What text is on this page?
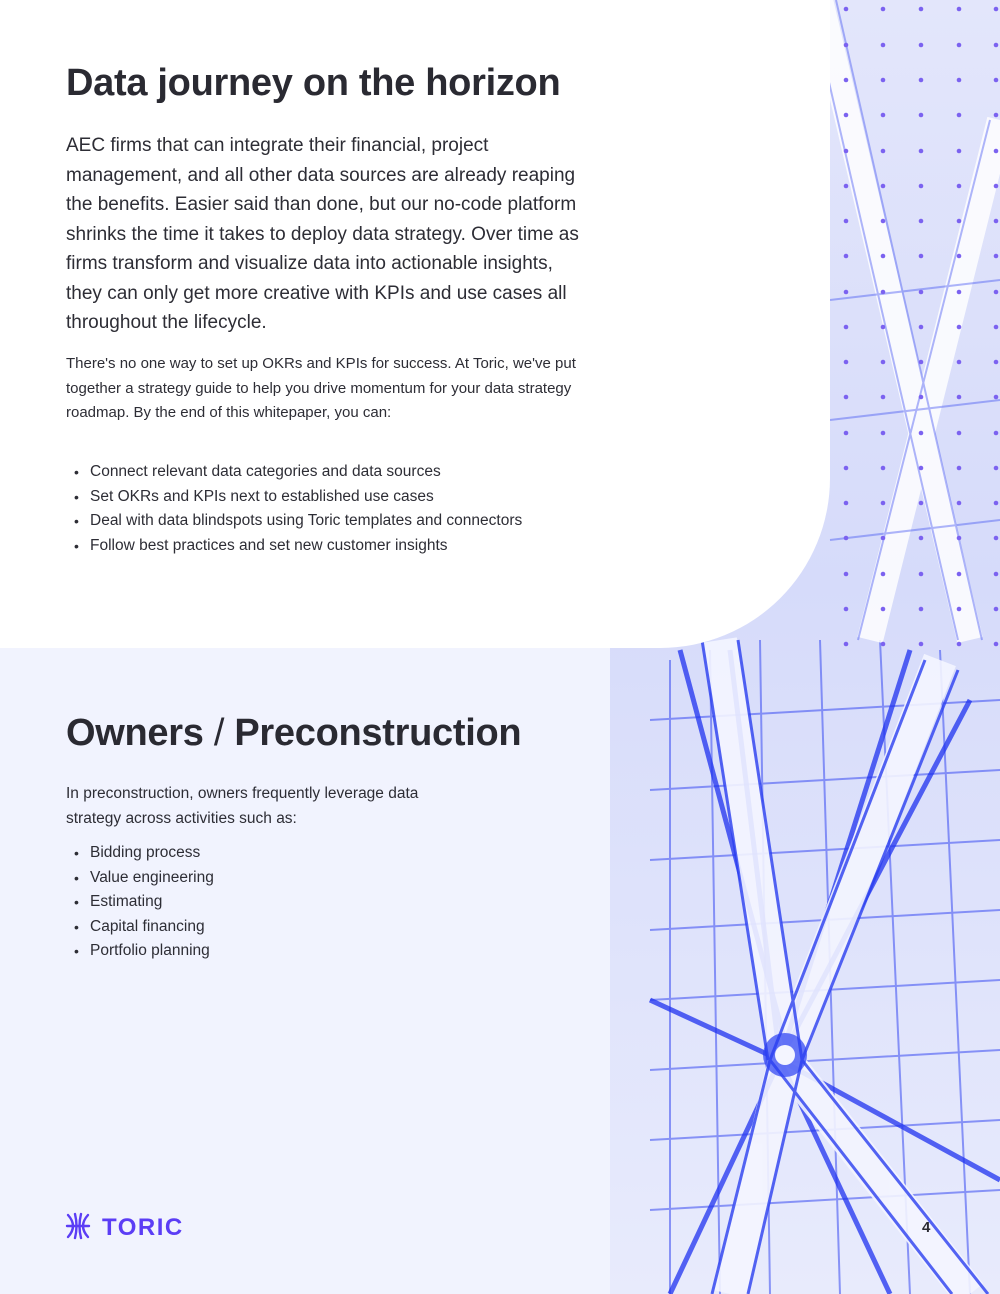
Data journey on the horizon

AEC firms that can integrate their financial, project management, and all other data sources are already reaping the benefits. Easier said than done, but our no-code platform shrinks the time it takes to deploy data strategy. Over time as firms transform and visualize data into actionable insights, they can only get more creative with KPIs and use cases all throughout the lifecycle.

There's no one way to set up OKRs and KPIs for success. At Toric, we've put together a strategy guide to help you drive momentum for your data strategy roadmap. By the end of this whitepaper, you can:

• Connect relevant data categories and data sources
• Set OKRs and KPIs next to established use cases
• Deal with data blindspots using Toric templates and connectors
• Follow best practices and set new customer insights
Owners / Preconstruction

In preconstruction, owners frequently leverage data strategy across activities such as:

• Bidding process
• Value engineering
• Estimating
• Capital financing
• Portfolio planning
TORIC	4
